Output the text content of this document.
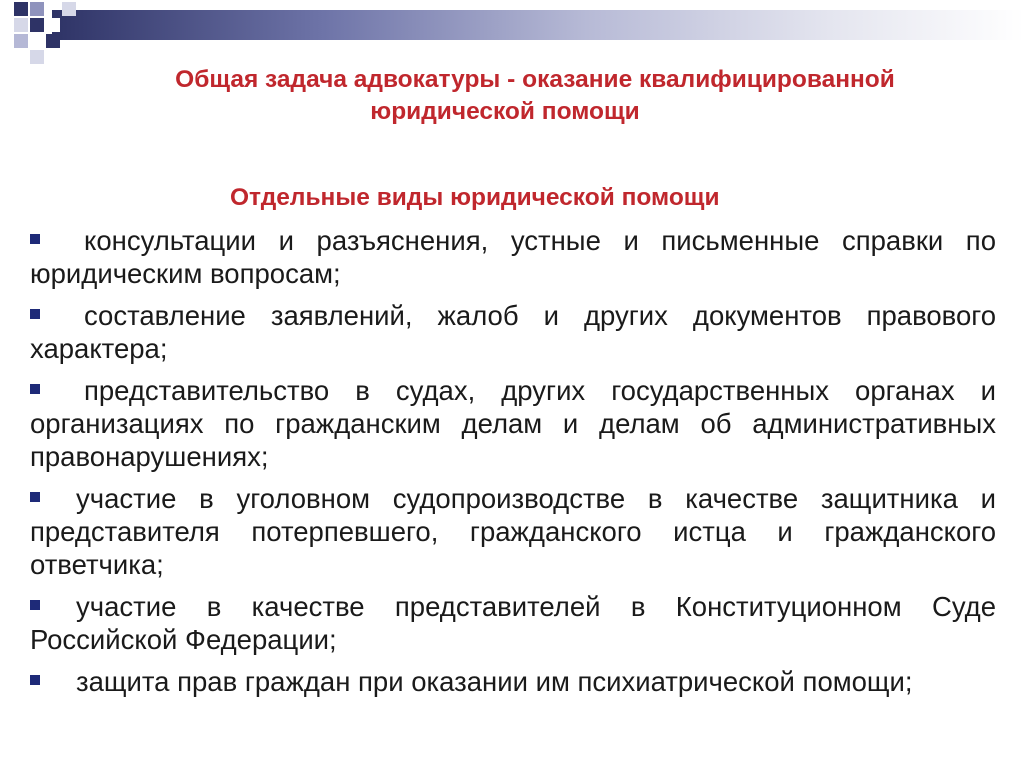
Общая задача адвокатуры - оказание квалифицированной
юридической помощи
Отдельные виды юридической помощи
консультации и разъяснения, устные и письменные справки по юридическим вопросам;
составление заявлений, жалоб и других документов правового характера;
представительство в судах, других государственных органах и организациях по гражданским делам и делам об административных правонарушениях;
участие в уголовном судопроизводстве в качестве защитника и представителя потерпевшего, гражданского истца и гражданского ответчика;
участие в качестве представителей в Конституционном Суде Российской Федерации;
защита прав граждан при оказании им психиатрической помощи;
